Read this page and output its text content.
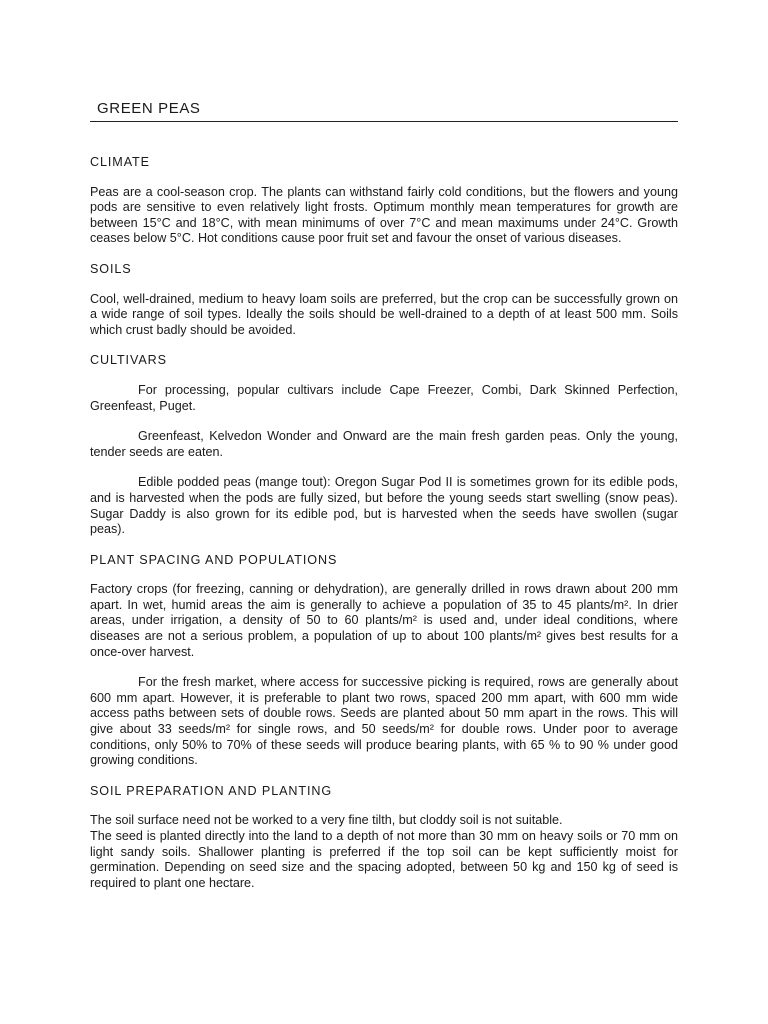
GREEN PEAS
CLIMATE

Peas are a cool-season crop. The plants can withstand fairly cold conditions, but the flowers and young pods are sensitive to even relatively light frosts. Optimum monthly mean temperatures for growth are between 15°C and 18°C, with mean minimums of over 7°C and mean maximums under 24°C. Growth ceases below 5°C. Hot conditions cause poor fruit set and favour the onset of various diseases.

SOILS

Cool, well-drained, medium to heavy loam soils are preferred, but the crop can be successfully grown on a wide range of soil types. Ideally the soils should be well-drained to a depth of at least 500 mm. Soils which crust badly should be avoided.

CULTIVARS

For processing, popular cultivars include Cape Freezer, Combi, Dark Skinned Perfection, Greenfeast, Puget.

Greenfeast, Kelvedon Wonder and Onward are the main fresh garden peas. Only the young, tender seeds are eaten.

Edible podded peas (mange tout): Oregon Sugar Pod II is sometimes grown for its edible pods, and is harvested when the pods are fully sized, but before the young seeds start swelling (snow peas). Sugar Daddy is also grown for its edible pod, but is harvested when the seeds have swollen (sugar peas).

PLANT SPACING AND POPULATIONS

Factory crops (for freezing, canning or dehydration), are generally drilled in rows drawn about 200 mm apart. In wet, humid areas the aim is generally to achieve a population of 35 to 45 plants/m². In drier areas, under irrigation, a density of 50 to 60 plants/m² is used and, under ideal conditions, where diseases are not a serious problem, a population of up to about 100 plants/m² gives best results for a once-over harvest.

For the fresh market, where access for successive picking is required, rows are generally about 600 mm apart. However, it is preferable to plant two rows, spaced 200 mm apart, with 600 mm wide access paths between sets of double rows. Seeds are planted about 50 mm apart in the rows. This will give about 33 seeds/m² for single rows, and 50 seeds/m² for double rows. Under poor to average conditions, only 50% to 70% of these seeds will produce bearing plants, with 65 % to 90 % under good growing conditions.

SOIL PREPARATION AND PLANTING

The soil surface need not be worked to a very fine tilth, but cloddy soil is not suitable.

The seed is planted directly into the land to a depth of not more than 30 mm on heavy soils or 70 mm on light sandy soils. Shallower planting is preferred if the top soil can be kept sufficiently moist for germination. Depending on seed size and the spacing adopted, between 50 kg and 150 kg of seed is required to plant one hectare.
